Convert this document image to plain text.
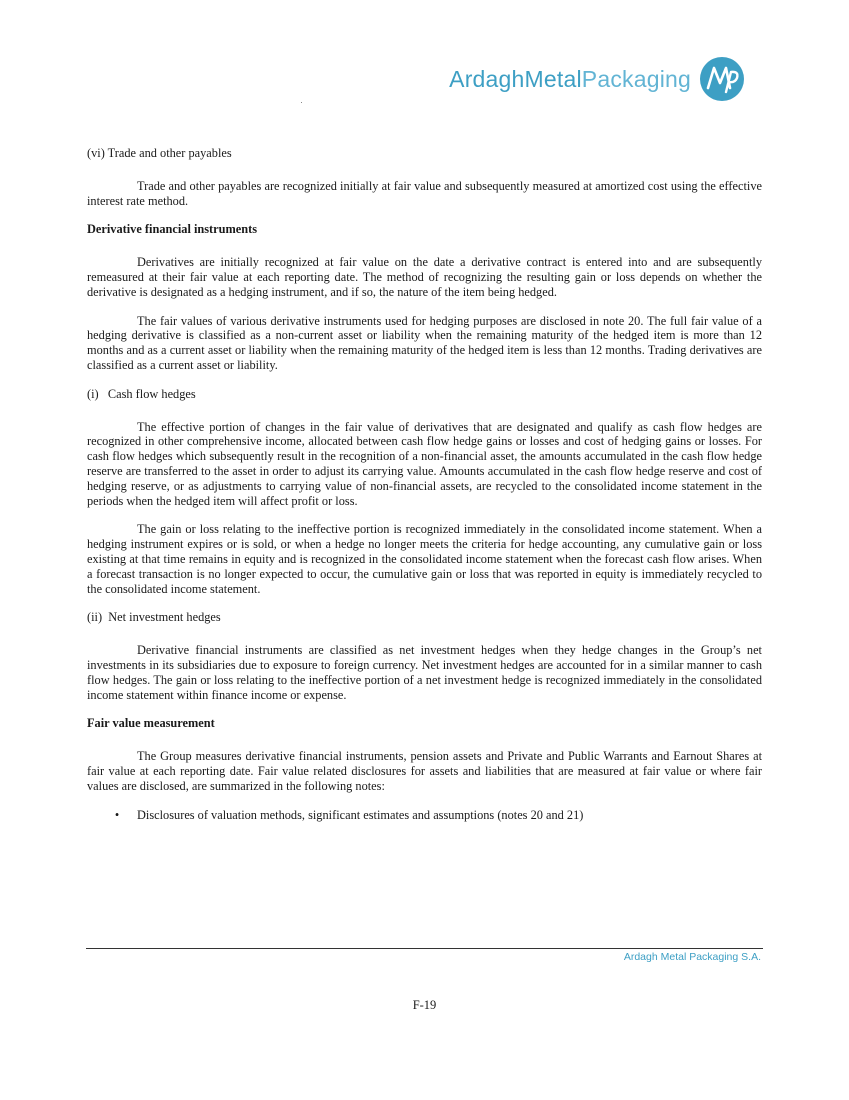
ArdaghMetalPackaging

(vi) Trade and other payables

Trade and other payables are recognized initially at fair value and subsequently measured at amortized cost using the effective interest rate method.

Derivative financial instruments

Derivatives are initially recognized at fair value on the date a derivative contract is entered into and are subsequently remeasured at their fair value at each reporting date. The method of recognizing the resulting gain or loss depends on whether the derivative is designated as a hedging instrument, and if so, the nature of the item being hedged.

The fair values of various derivative instruments used for hedging purposes are disclosed in note 20. The full fair value of a hedging derivative is classified as a non-current asset or liability when the remaining maturity of the hedged item is more than 12 months and as a current asset or liability when the remaining maturity of the hedged item is less than 12 months. Trading derivatives are classified as a current asset or liability.

(i)   Cash flow hedges

The effective portion of changes in the fair value of derivatives that are designated and qualify as cash flow hedges are recognized in other comprehensive income, allocated between cash flow hedge gains or losses and cost of hedging gains or losses. For cash flow hedges which subsequently result in the recognition of a non-financial asset, the amounts accumulated in the cash flow hedge reserve are transferred to the asset in order to adjust its carrying value. Amounts accumulated in the cash flow hedge reserve and cost of hedging reserve, or as adjustments to carrying value of non-financial assets, are recycled to the consolidated income statement in the periods when the hedged item will affect profit or loss.

The gain or loss relating to the ineffective portion is recognized immediately in the consolidated income statement. When a hedging instrument expires or is sold, or when a hedge no longer meets the criteria for hedge accounting, any cumulative gain or loss existing at that time remains in equity and is recognized in the consolidated income statement when the forecast cash flow arises. When a forecast transaction is no longer expected to occur, the cumulative gain or loss that was reported in equity is immediately recycled to the consolidated income statement.

(ii)  Net investment hedges

Derivative financial instruments are classified as net investment hedges when they hedge changes in the Group’s net investments in its subsidiaries due to exposure to foreign currency. Net investment hedges are accounted for in a similar manner to cash flow hedges. The gain or loss relating to the ineffective portion of a net investment hedge is recognized immediately in the consolidated income statement within finance income or expense.

Fair value measurement

The Group measures derivative financial instruments, pension assets and Private and Public Warrants and Earnout Shares at fair value at each reporting date. Fair value related disclosures for assets and liabilities that are measured at fair value or where fair values are disclosed, are summarized in the following notes:

•	Disclosures of valuation methods, significant estimates and assumptions (notes 20 and 21)
Ardagh Metal Packaging S.A.
F-19
